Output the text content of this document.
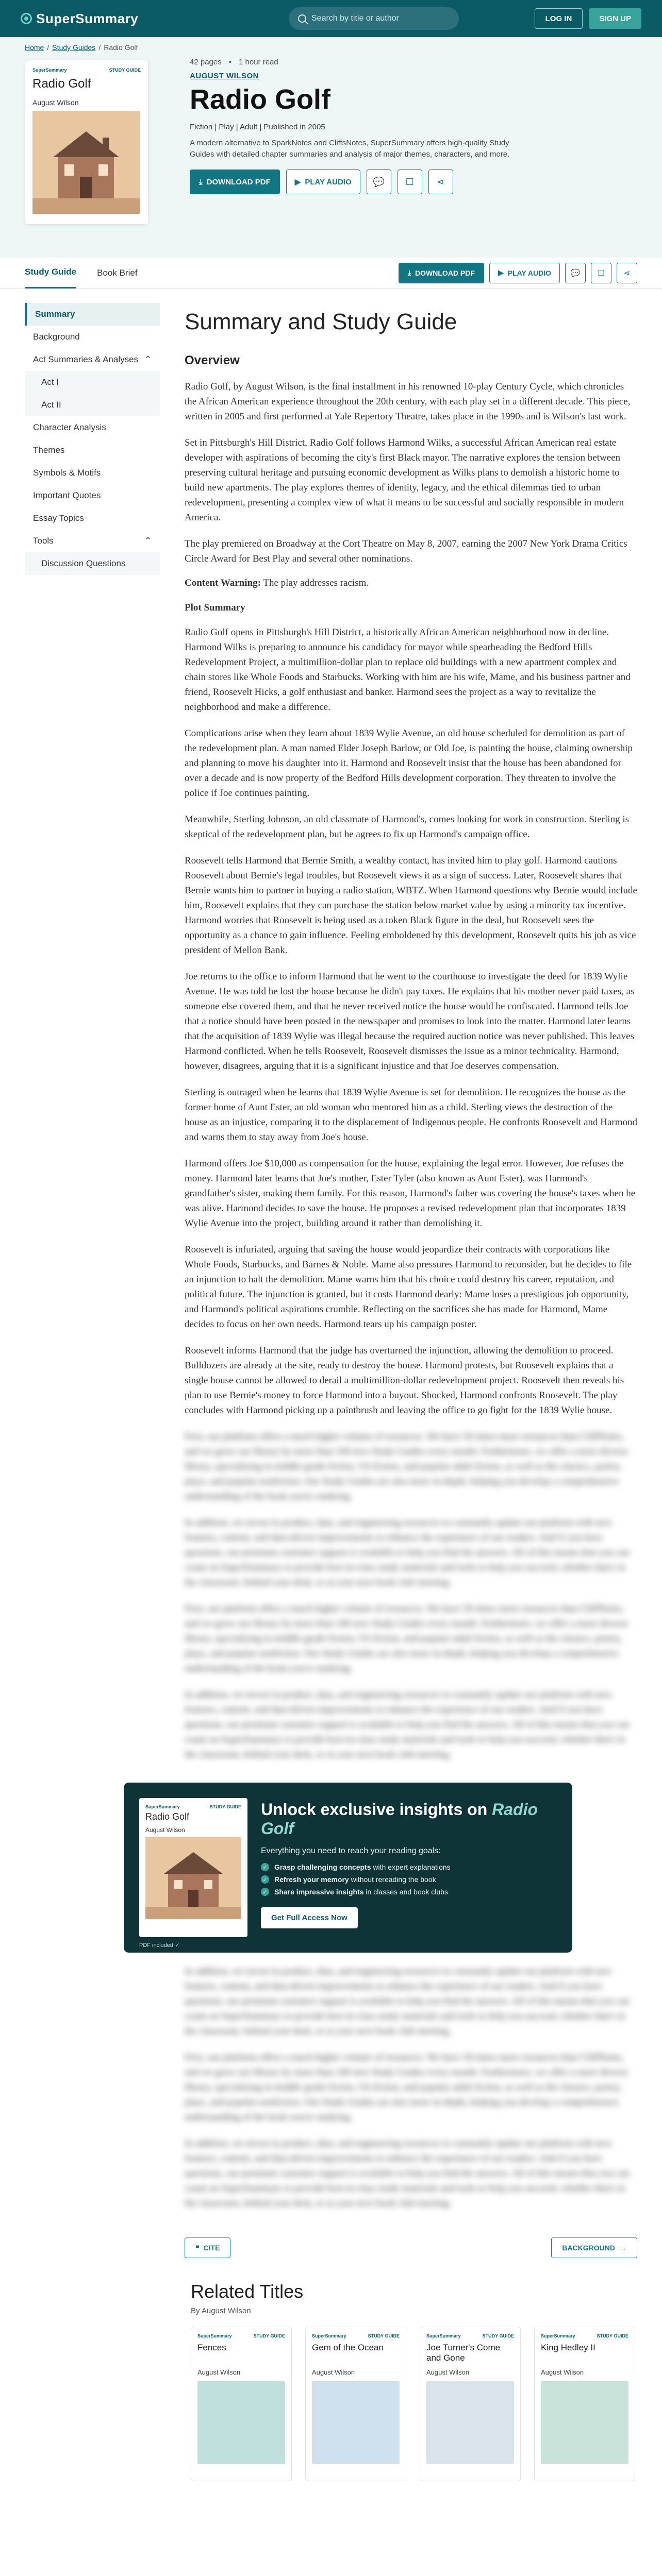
SuperSummary
Search by title or author	LOG IN	SIGN UP
Home / Study Guides / Radio Golf
SuperSummary	STUDY GUIDE
Radio Golf
August Wilson
42 pages • 1 hour read
AUGUST WILSON
Radio Golf
Fiction | Play | Adult | Published in 2005
A modern alternative to SparkNotes and CliffsNotes, SuperSummary offers high-quality Study Guides with detailed chapter summaries and analysis of major themes, characters, and more.
⤓ DOWNLOAD PDF	▶ PLAY AUDIO 💬 ☐ ⋖
Study Guide Book Brief	⤓ DOWNLOAD PDF	▶ PLAY AUDIO	💬 ☐ ⋖
Summary
Background
Act Summaries & Analyses ⌃
Act I
Act II
Character Analysis
Themes
Symbols & Motifs
Important Quotes
Essay Topics
Tools	⌃
Discussion Questions
Summary and Study Guide
Overview

Radio Golf, by August Wilson, is the final installment in his renowned 10-play Century Cycle, which chronicles the African American experience throughout the 20th century, with each play set in a different decade. This piece, written in 2005 and first performed at Yale Repertory Theatre, takes place in the 1990s and is Wilson's last work.

Set in Pittsburgh's Hill District, Radio Golf follows Harmond Wilks, a successful African American real estate developer with aspirations of becoming the city's first Black mayor. The narrative explores the tension between preserving cultural heritage and pursuing economic development as Wilks plans to demolish a historic home to build new apartments. The play explores themes of identity, legacy, and the ethical dilemmas tied to urban redevelopment, presenting a complex view of what it means to be successful and socially responsible in modern America.

The play premiered on Broadway at the Cort Theatre on May 8, 2007, earning the 2007 New York Drama Critics Circle Award for Best Play and several other nominations.

Content Warning: The play addresses racism.

Plot Summary

Radio Golf opens in Pittsburgh's Hill District, a historically African American neighborhood now in decline. Harmond Wilks is preparing to announce his candidacy for mayor while spearheading the Bedford Hills Redevelopment Project, a multimillion-dollar plan to replace old buildings with a new apartment complex and chain stores like Whole Foods and Starbucks. Working with him are his wife, Mame, and his business partner and friend, Roosevelt Hicks, a golf enthusiast and banker. Harmond sees the project as a way to revitalize the neighborhood and make a difference.

Complications arise when they learn about 1839 Wylie Avenue, an old house scheduled for demolition as part of the redevelopment plan. A man named Elder Joseph Barlow, or Old Joe, is painting the house, claiming ownership and planning to move his daughter into it. Harmond and Roosevelt insist that the house has been abandoned for over a decade and is now property of the Bedford Hills development corporation. They threaten to involve the police if Joe continues painting.

Meanwhile, Sterling Johnson, an old classmate of Harmond's, comes looking for work in construction. Sterling is skeptical of the redevelopment plan, but he agrees to fix up Harmond's campaign office.

Roosevelt tells Harmond that Bernie Smith, a wealthy contact, has invited him to play golf. Harmond cautions Roosevelt about Bernie's legal troubles, but Roosevelt views it as a sign of success. Later, Roosevelt shares that Bernie wants him to partner in buying a radio station, WBTZ. When Harmond questions why Bernie would include him, Roosevelt explains that they can purchase the station below market value by using a minority tax incentive. Harmond worries that Roosevelt is being used as a token Black figure in the deal, but Roosevelt sees the opportunity as a chance to gain influence. Feeling emboldened by this development, Roosevelt quits his job as vice president of Mellon Bank.

Joe returns to the office to inform Harmond that he went to the courthouse to investigate the deed for 1839 Wylie Avenue. He was told he lost the house because he didn't pay taxes. He explains that his mother never paid taxes, as someone else covered them, and that he never received notice the house would be confiscated. Harmond tells Joe that a notice should have been posted in the newspaper and promises to look into the matter. Harmond later learns that the acquisition of 1839 Wylie was illegal because the required auction notice was never published. This leaves Harmond conflicted. When he tells Roosevelt, Roosevelt dismisses the issue as a minor technicality. Harmond, however, disagrees, arguing that it is a significant injustice and that Joe deserves compensation.

Sterling is outraged when he learns that 1839 Wylie Avenue is set for demolition. He recognizes the house as the former home of Aunt Ester, an old woman who mentored him as a child. Sterling views the destruction of the house as an injustice, comparing it to the displacement of Indigenous people. He confronts Roosevelt and Harmond and warns them to stay away from Joe's house.

Harmond offers Joe $10,000 as compensation for the house, explaining the legal error. However, Joe refuses the money. Harmond later learns that Joe's mother, Ester Tyler (also known as Aunt Ester), was Harmond's grandfather's sister, making them family. For this reason, Harmond's father was covering the house's taxes when he was alive. Harmond decides to save the house. He proposes a revised redevelopment plan that incorporates 1839 Wylie Avenue into the project, building around it rather than demolishing it.

Roosevelt is infuriated, arguing that saving the house would jeopardize their contracts with corporations like Whole Foods, Starbucks, and Barnes & Noble. Mame also pressures Harmond to reconsider, but he decides to file an injunction to halt the demolition. Mame warns him that his choice could destroy his career, reputation, and political future. The injunction is granted, but it costs Harmond dearly: Mame loses a prestigious job opportunity, and Harmond's political aspirations crumble. Reflecting on the sacrifices she has made for Harmond, Mame decides to focus on her own needs. Harmond tears up his campaign poster.

Roosevelt informs Harmond that the judge has overturned the injunction, allowing the demolition to proceed. Bulldozers are already at the site, ready to destroy the house. Harmond protests, but Roosevelt explains that a single house cannot be allowed to derail a multimillion-dollar redevelopment project. Roosevelt then reveals his plan to use Bernie's money to force Harmond into a buyout. Shocked, Harmond confronts Roosevelt. The play concludes with Harmond picking up a paintbrush and leaving the office to go fight for the 1839 Wylie house.

First, our platform offers a much higher volume of resources. We have 50 times more resources than CliffNotes, and we grow our library by more than 100 new Study Guides every month. Furthermore, we offer a more diverse library, specializing in middle grade fiction, YA fiction, and popular adult fiction, as well as the classics, poetry, plays, and popular nonfiction. Our Study Guides are also more in-depth, helping you develop a comprehensive understanding of the book you're studying.

In addition, we invest in product, data, and engineering resources to constantly update our platform with new features, content, and data-driven improvements to enhance the experience of our readers. And if you have questions, our premium customer support is available to help you find the answers. All of this means that you can count on SuperSummary to provide best-in-class study materials and tools to help you succeed, whether that's in the classroom, behind your desk, or at your next book club meeting.

First, our platform offers a much higher volume of resources. We have 50 times more resources than CliffNotes, and we grow our library by more than 100 new Study Guides every month. Furthermore, we offer a more diverse library, specializing in middle grade fiction, YA fiction, and popular adult fiction, as well as the classics, poetry, plays, and popular nonfiction. Our Study Guides are also more in-depth, helping you develop a comprehensive understanding of the book you're studying.

In addition, we invest in product, data, and engineering resources to constantly update our platform with new features, content, and data-driven improvements to enhance the experience of our readers. And if you have questions, our premium customer support is available to help you find the answers. All of this means that you can count on SuperSummary to provide best-in-class study materials and tools to help you succeed, whether that's in the classroom, behind your desk, or at your next book club meeting.

SuperSummary	STUDY GUIDE
Radio Golf
August Wilson
PDF included ✓
Unlock exclusive insights on Radio Golf
Everything you need to reach your reading goals:
✓ Grasp challenging concepts with expert explanations
✓ Refresh your memory without rereading the book
✓ Share impressive insights in classes and book clubs
Get Full Access Now

In addition, we invest in product, data, and engineering resources to constantly update our platform with new features, content, and data-driven improvements to enhance the experience of our readers. And if you have questions, our premium customer support is available to help you find the answers. All of this means that you can count on SuperSummary to provide best-in-class study materials and tools to help you succeed, whether that's in the classroom, behind your desk, or at your next book club meeting.

First, our platform offers a much higher volume of resources. We have 50 times more resources than CliffNotes, and we grow our library by more than 100 new Study Guides every month. Furthermore, we offer a more diverse library, specializing in middle grade fiction, YA fiction, and popular adult fiction, as well as the classics, poetry, plays, and popular nonfiction. Our Study Guides are also more in-depth, helping you develop a comprehensive understanding of the book you're studying.

In addition, we invest in product, data, and engineering resources to constantly update our platform with new features, content, and data-driven improvements to enhance the experience of our readers. And if you have questions, our premium customer support is available to help you find the answers. All of this means that you can count on SuperSummary to provide best-in-class study materials and tools to help you succeed, whether that's in the classroom, behind your desk, or at your next book club meeting.

❝ CITE	BACKGROUND →
Related Titles
By August Wilson
SuperSummary	STUDY GUIDE
Fences
August Wilson
SuperSummary	STUDY GUIDE
Gem of the Ocean
August Wilson
SuperSummary	STUDY GUIDE
Joe Turner's Come and Gone
August Wilson
SuperSummary	STUDY GUIDE
King Hedley II
August Wilson
